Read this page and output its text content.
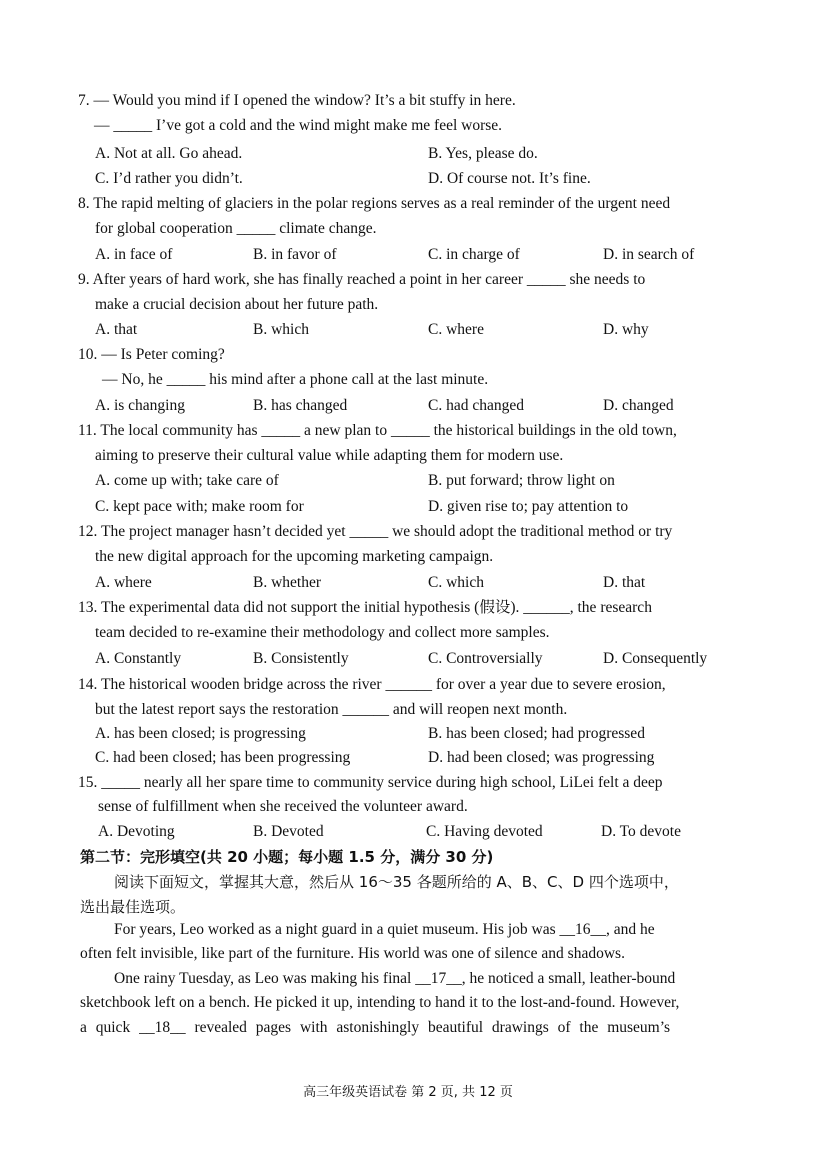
7. — Would you mind if I opened the window? It’s a bit stuffy in here.
— _____ I’ve got a cold and the wind might make me feel worse.
A. Not at all. Go ahead.	B. Yes, please do.
C. I’d rather you didn’t.	D. Of course not. It’s fine.
8. The rapid melting of glaciers in the polar regions serves as a real reminder of the urgent need
for global cooperation _____ climate change.
A. in face of	B. in favor of	C. in charge of	D. in search of
9. After years of hard work, she has finally reached a point in her career _____ she needs to
make a crucial decision about her future path.
A. that	B. which	C. where	D. why
10. — Is Peter coming?
— No, he _____ his mind after a phone call at the last minute.
A. is changing	B. has changed	C. had changed	D. changed
11. The local community has _____ a new plan to _____ the historical buildings in the old town,
aiming to preserve their cultural value while adapting them for modern use.
A. come up with; take care of	B. put forward; throw light on
C. kept pace with; make room for	D. given rise to; pay attention to
12. The project manager hasn’t decided yet _____ we should adopt the traditional method or try
the new digital approach for the upcoming marketing campaign.
A. where	B. whether	C. which	D. that
13. The experimental data did not support the initial hypothesis (假设). ______, the research
team decided to re-examine their methodology and collect more samples.
A. Constantly	B. Consistently	C. Controversially	D. Consequently
14. The historical wooden bridge across the river ______ for over a year due to severe erosion,
but the latest report says the restoration ______ and will reopen next month.
A. has been closed; is progressing	B. has been closed; had progressed
C. had been closed; has been progressing	D. had been closed; was progressing
15. _____ nearly all her spare time to community service during high school, LiLei felt a deep
sense of fulfillment when she received the volunteer award.
A. Devoting	B. Devoted	C. Having devoted	D. To devote
第二节：完形填空(共 20 小题；每小题 1.5 分，满分 30 分)
阅读下面短文，掌握其大意，然后从 16～35 各题所给的 A、B、C、D 四个选项中，
选出最佳选项。
For years, Leo worked as a night guard in a quiet museum. His job was __16__, and he
often felt invisible, like part of the furniture. His world was one of silence and shadows.
One rainy Tuesday, as Leo was making his final __17__, he noticed a small, leather-bound
sketchbook left on a bench. He picked it up, intending to hand it to the lost-and-found. However,
a quick __18__ revealed pages with astonishingly beautiful drawings of the museum’s
高三年级英语试卷 第 2 页, 共 12 页
